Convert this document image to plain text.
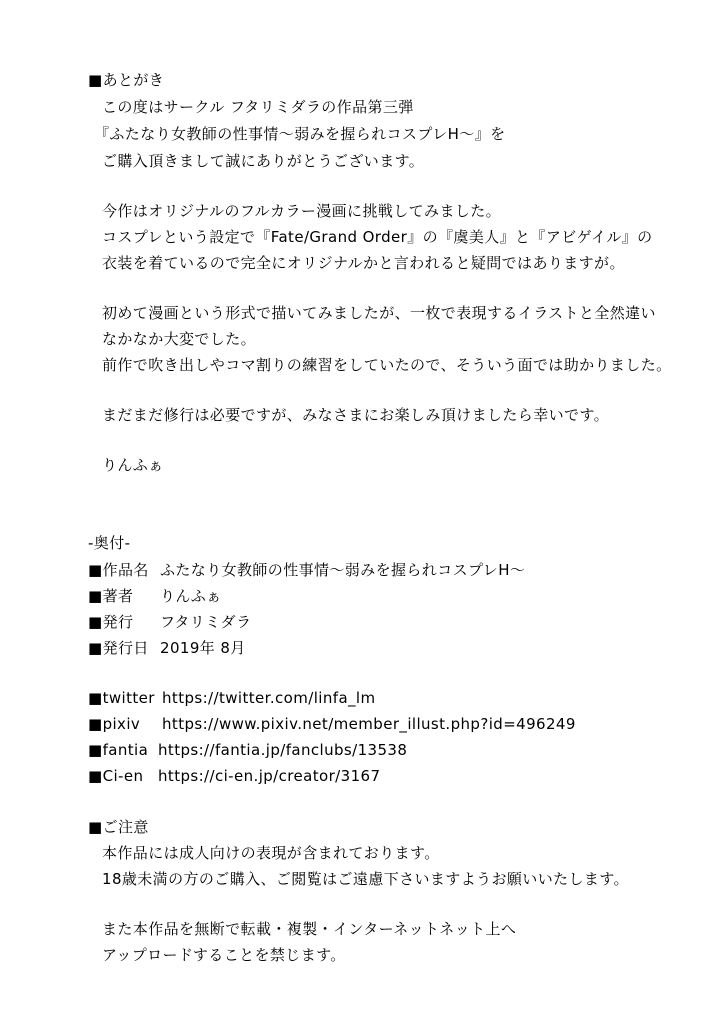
■あとがき
この度はサークル フタリミダラの作品第三弾
『ふたなり女教師の性事情〜弱みを握られコスプレH〜』を
ご購入頂きまして誠にありがとうございます。
今作はオリジナルのフルカラー漫画に挑戦してみました。
コスプレという設定で『Fate/Grand Order』の『虞美人』と『アビゲイル』の
衣装を着ているので完全にオリジナルかと言われると疑問ではありますが。
初めて漫画という形式で描いてみましたが、一枚で表現するイラストと全然違い
なかなか大変でした。
前作で吹き出しやコマ割りの練習をしていたので、そういう面では助かりました。
まだまだ修行は必要ですが、みなさまにお楽しみ頂けましたら幸いです。
りんふぁ
-奥付-
■作品名 ふたなり女教師の性事情〜弱みを握られコスプレH〜
■著者 りんふぁ
■発行 フタリミダラ
■発行日 2019年 8月
■twitter https://twitter.com/linfa_lm
■pixiv https://www.pixiv.net/member_illust.php?id=496249
■fantia https://fantia.jp/fanclubs/13538
■Ci-en https://ci-en.jp/creator/3167
■ご注意
本作品には成人向けの表現が含まれております。
18歳未満の方のご購入、ご閲覧はご遠慮下さいますようお願いいたします。
また本作品を無断で転載・複製・インターネットネット上へ
アップロードすることを禁じます。
